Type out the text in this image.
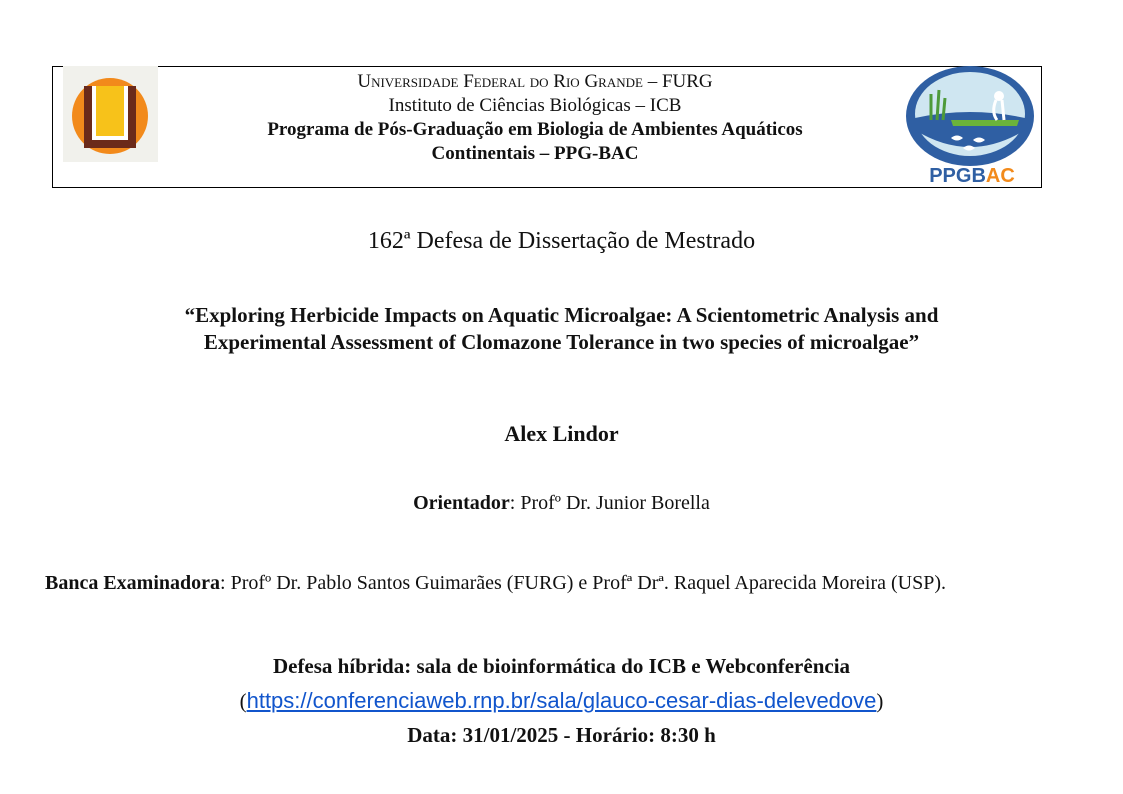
Universidade Federal do Rio Grande – FURG
Instituto de Ciências Biológicas – ICB
Programa de Pós-Graduação em Biologia de Ambientes Aquáticos
Continentais – PPG-BAC
PPGBAC
162ª Defesa de Dissertação de Mestrado
“Exploring Herbicide Impacts on Aquatic Microalgae: A Scientometric Analysis and
Experimental Assessment of Clomazone Tolerance in two species of microalgae”
Alex Lindor
Orientador: Profº Dr. Junior Borella
Banca Examinadora: Profº Dr. Pablo Santos Guimarães (FURG) e Profª Drª. Raquel Aparecida Moreira (USP).
Defesa híbrida: sala de bioinformática do ICB e Webconferência
(https://conferenciaweb.rnp.br/sala/glauco-cesar-dias-delevedove)
Data: 31/01/2025 - Horário: 8:30 h
